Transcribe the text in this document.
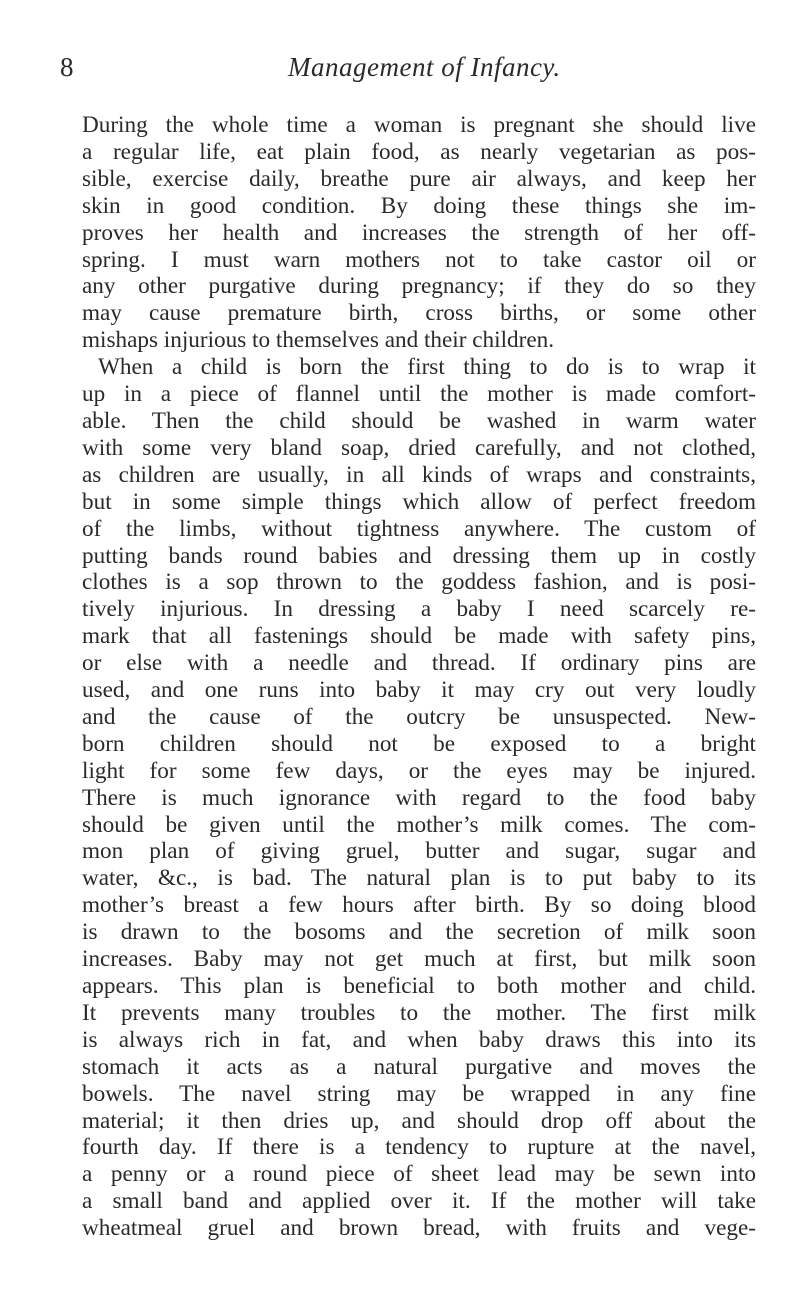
8	Management of Infancy.
During the whole time a woman is pregnant she should live
a regular life, eat plain food, as nearly vegetarian as pos-
sible, exercise daily, breathe pure air always, and keep her
skin in good condition. By doing these things she im-
proves her health and increases the strength of her off-
spring. I must warn mothers not to take castor oil or
any other purgative during pregnancy; if they do so they
may cause premature birth, cross births, or some other
mishaps injurious to themselves and their children.
When a child is born the first thing to do is to wrap it
up in a piece of flannel until the mother is made comfort-
able. Then the child should be washed in warm water
with some very bland soap, dried carefully, and not clothed,
as children are usually, in all kinds of wraps and constraints,
but in some simple things which allow of perfect freedom
of the limbs, without tightness anywhere. The custom of
putting bands round babies and dressing them up in costly
clothes is a sop thrown to the goddess fashion, and is posi-
tively injurious. In dressing a baby I need scarcely re-
mark that all fastenings should be made with safety pins,
or else with a needle and thread. If ordinary pins are
used, and one runs into baby it may cry out very loudly
and the cause of the outcry be unsuspected. New-
born children should not be exposed to a bright
light for some few days, or the eyes may be injured.
There is much ignorance with regard to the food baby
should be given until the mother’s milk comes. The com-
mon plan of giving gruel, butter and sugar, sugar and
water, &c., is bad. The natural plan is to put baby to its
mother’s breast a few hours after birth. By so doing blood
is drawn to the bosoms and the secretion of milk soon
increases. Baby may not get much at first, but milk soon
appears. This plan is beneficial to both mother and child.
It prevents many troubles to the mother. The first milk
is always rich in fat, and when baby draws this into its
stomach it acts as a natural purgative and moves the
bowels. The navel string may be wrapped in any fine
material; it then dries up, and should drop off about the
fourth day. If there is a tendency to rupture at the navel,
a penny or a round piece of sheet lead may be sewn into
a small band and applied over it. If the mother will take
wheatmeal gruel and brown bread, with fruits and vege-
